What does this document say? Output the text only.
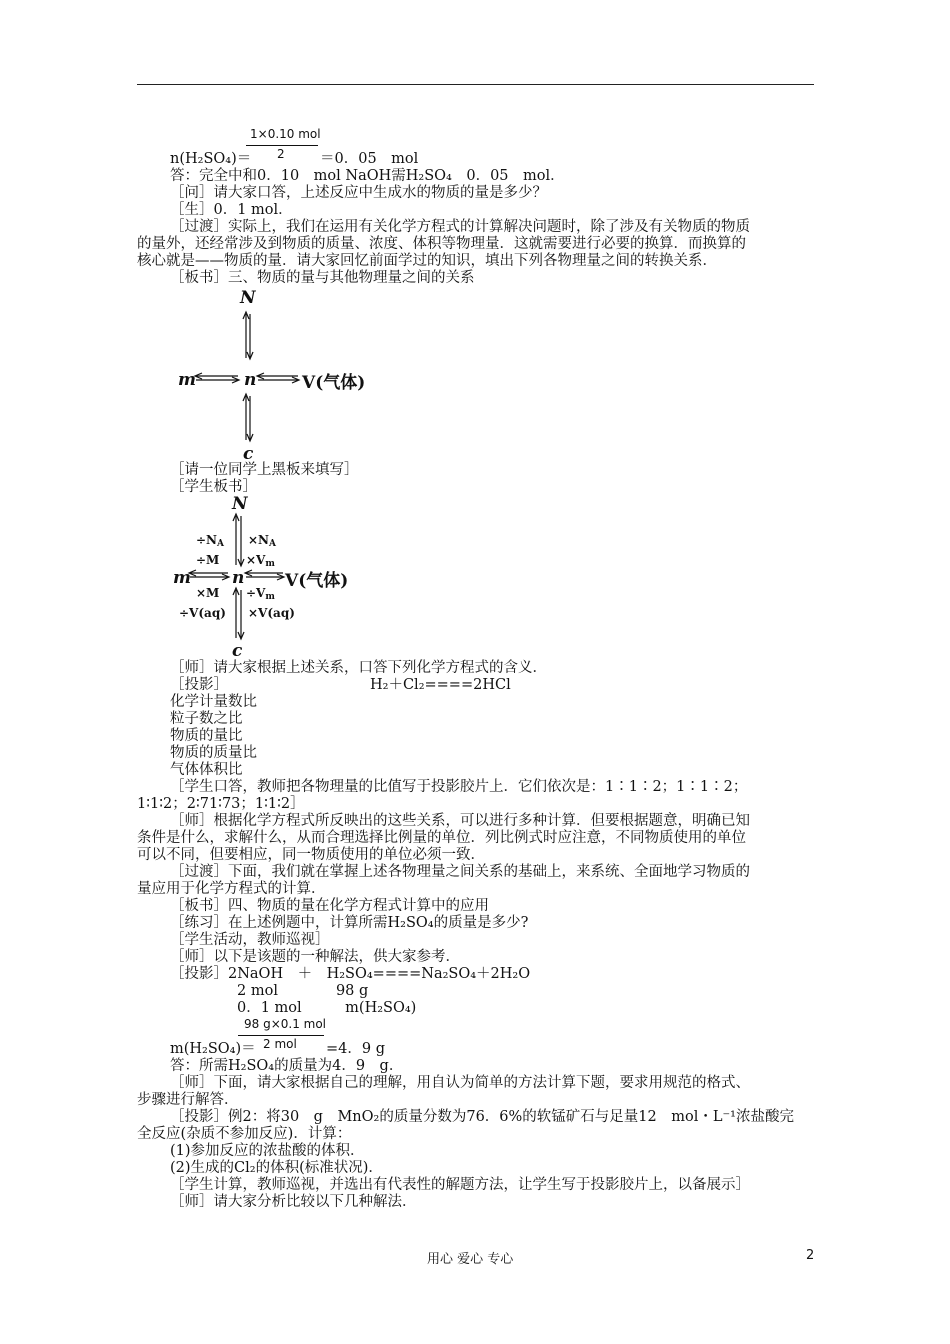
1×0.10 mol
2
n(H₂SO₄)＝	＝0．05　mol
答：完全中和0．10　mol NaOH需H₂SO₄　0．05　mol．
［问］请大家口答，上述反应中生成水的物质的量是多少？
［生］0．1 mol．
［过渡］实际上，我们在运用有关化学方程式的计算解决问题时，除了涉及有关物质的物质
的量外，还经常涉及到物质的质量、浓度、体积等物理量．这就需要进行必要的换算．而换算的
核心就是——物质的量．请大家回忆前面学过的知识，填出下列各物理量之间的转换关系．
［板书］三、物质的量与其他物理量之间的关系
N
m	n	V(气体)
c
［请一位同学上黑板来填写］
［学生板书］
N
$\div N_A \times N_A$
$\div M \times V_m$
m n V(气体)
$\times M \div V_m$
÷V(aq) ×V(aq)
c
［师］请大家根据上述关系，口答下列化学方程式的含义．
［投影］	H₂＋Cl₂====2HCl
化学计量数比
粒子数之比
物质的量比
物质的质量比
气体体积比
［学生口答，教师把各物理量的比值写于投影胶片上．它们依次是：1∶1∶2；1∶1∶2；
1∶1∶2；2∶71∶73；1∶1∶2］
［师］根据化学方程式所反映出的这些关系，可以进行多种计算．但要根据题意，明确已知
条件是什么，求解什么，从而合理选择比例量的单位．列比例式时应注意，不同物质使用的单位
可以不同，但要相应，同一物质使用的单位必须一致．
［过渡］下面，我们就在掌握上述各物理量之间关系的基础上，来系统、全面地学习物质的
量应用于化学方程式的计算．
［板书］四、物质的量在化学方程式计算中的应用
［练习］在上述例题中，计算所需H₂SO₄的质量是多少?
［学生活动，教师巡视］
［师］以下是该题的一种解法，供大家参考．
［投影］2NaOH　＋　H₂SO₄====Na₂SO₄＋2H₂O
2 mol　　　　98 g
0．1 mol　　　m(H₂SO₄)
98 g×0.1 mol
2 mol
m(H₂SO₄)＝	=4．9 g
答：所需H₂SO₄的质量为4．9　g．
［师］下面，请大家根据自己的理解，用自认为简单的方法计算下题，要求用规范的格式、
步骤进行解答．
［投影］例2：将30　g　MnO₂的质量分数为76．6%的软锰矿石与足量12　mol・L⁻¹浓盐酸完
全反应(杂质不参加反应)．计算：
(1)参加反应的浓盐酸的体积．
(2)生成的Cl₂的体积(标准状况)．
［学生计算，教师巡视，并选出有代表性的解题方法，让学生写于投影胶片上，以备展示］
［师］请大家分析比较以下几种解法．
用心 爱心 专心	2
